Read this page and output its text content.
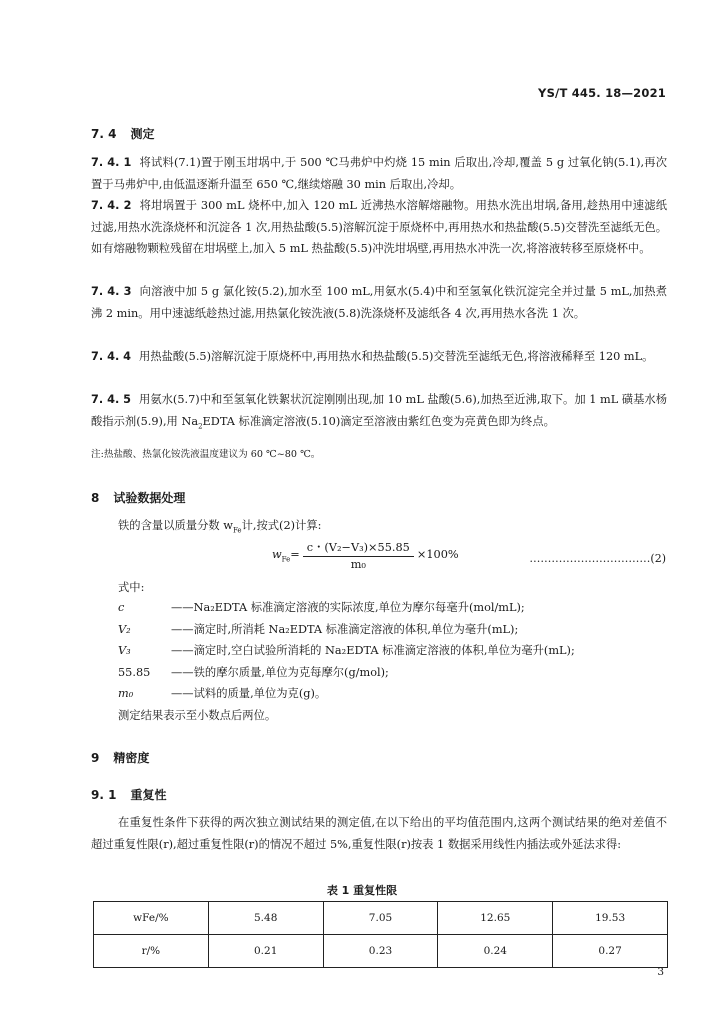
YS/T 445. 18—2021
7. 4 测定
7. 4. 1 将试料(7.1)置于刚玉坩埚中,于 500 ℃马弗炉中灼烧 15 min 后取出,冷却,覆盖 5 g 过氧化钠(5.1),再次置于马弗炉中,由低温逐渐升温至 650 ℃,继续熔融 30 min 后取出,冷却。
7. 4. 2 将坩埚置于 300 mL 烧杯中,加入 120 mL 近沸热水溶解熔融物。用热水洗出坩埚,备用,趁热用中速滤纸过滤,用热水洗涤烧杯和沉淀各 1 次,用热盐酸(5.5)溶解沉淀于原烧杯中,再用热水和热盐酸(5.5)交替洗至滤纸无色。如有熔融物颗粒残留在坩埚壁上,加入 5 mL 热盐酸(5.5)冲洗坩埚壁,再用热水冲洗一次,将溶液转移至原烧杯中。
7. 4. 3 向溶液中加 5 g 氯化铵(5.2),加水至 100 mL,用氨水(5.4)中和至氢氧化铁沉淀完全并过量 5 mL,加热煮沸 2 min。用中速滤纸趁热过滤,用热氯化铵洗液(5.8)洗涤烧杯及滤纸各 4 次,再用热水各洗 1 次。
7. 4. 4 用热盐酸(5.5)溶解沉淀于原烧杯中,再用热水和热盐酸(5.5)交替洗至滤纸无色,将溶液稀释至 120 mL。
7. 4. 5 用氨水(5.7)中和至氢氧化铁絮状沉淀刚刚出现,加 10 mL 盐酸(5.6),加热至近沸,取下。加 1 mL 磺基水杨酸指示剂(5.9),用 $Na_2EDTA$ 标准滴定溶液(5.10)滴定至溶液由紫红色变为亮黄色即为终点。
注:热盐酸、热氯化铵洗液温度建议为 60 ℃~80 ℃。
8 试验数据处理
铁的含量以质量分数 $w_{Fe}$计,按式(2)计算:
$w_{Fe}= \frac{\text{c・(V₂−V₃)×55.85}}{\text{m₀}} \times 100\%$	……………………………(2)
式中:
c	——Na₂EDTA 标准滴定溶液的实际浓度,单位为摩尔每毫升(mol/mL);
V₂	——滴定时,所消耗 Na₂EDTA 标准滴定溶液的体积,单位为毫升(mL);
V₃	——滴定时,空白试验所消耗的 Na₂EDTA 标准滴定溶液的体积,单位为毫升(mL);
55.85	——铁的摩尔质量,单位为克每摩尔(g/mol);
m₀	——试料的质量,单位为克(g)。
测定结果表示至小数点后两位。
9 精密度
9. 1 重复性
在重复性条件下获得的两次独立测试结果的测定值,在以下给出的平均值范围内,这两个测试结果的绝对差值不超过重复性限(r),超过重复性限(r)的情况不超过 5%,重复性限(r)按表 1 数据采用线性内插法或外延法求得:
表 1 重复性限
wFe/%	5.48	7.05	12.65	19.53
r/%	0.21	0.23	0.24	0.27
3
